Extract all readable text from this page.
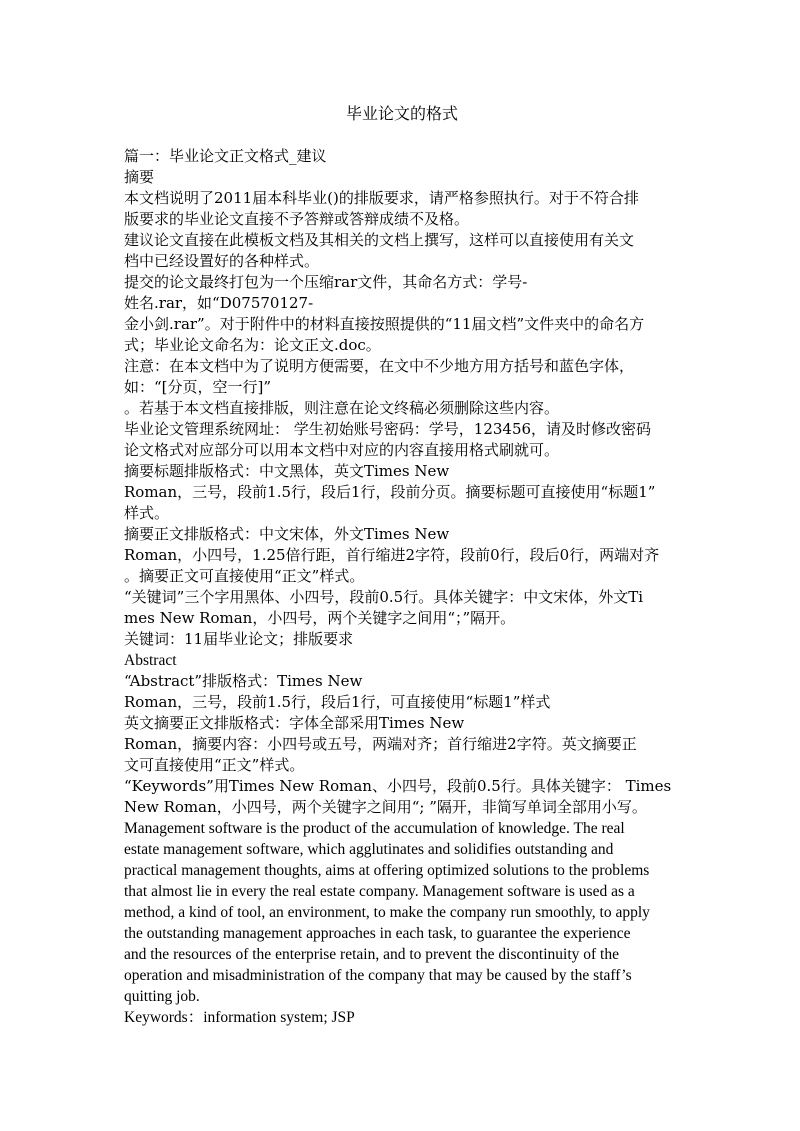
毕业论文的格式
篇一：毕业论文正文格式_建议
摘要
本文档说明了2011届本科毕业()的排版要求，请严格参照执行。对于不符合排
版要求的毕业论文直接不予答辩或答辩成绩不及格。
建议论文直接在此模板文档及其相关的文档上撰写，这样可以直接使用有关文
档中已经设置好的各种样式。
提交的论文最终打包为一个压缩rar文件，其命名方式：学号-
姓名.rar，如“D07570127-
金小剑.rar”。对于附件中的材料直接按照提供的“11届文档”文件夹中的命名方
式；毕业论文命名为：论文正文.doc。
注意：在本文档中为了说明方便需要，在文中不少地方用方括号和蓝色字体，
如：“[分页，空一行]”
。若基于本文档直接排版，则注意在论文终稿必须删除这些内容。
毕业论文管理系统网址： 学生初始账号密码：学号，123456，请及时修改密码
论文格式对应部分可以用本文档中对应的内容直接用格式刷就可。
摘要标题排版格式：中文黑体，英文Times New
Roman，三号，段前1.5行，段后1行，段前分页。摘要标题可直接使用“标题1”
样式。
摘要正文排版格式：中文宋体，外文Times New
Roman，小四号，1.25倍行距，首行缩进2字符，段前0行，段后0行，两端对齐
。摘要正文可直接使用“正文”样式。
“关键词”三个字用黑体、小四号，段前0.5行。具体关键字：中文宋体，外文Ti
mes New Roman，小四号，两个关键字之间用“；”隔开。
关键词：11届毕业论文；排版要求
Abstract
“Abstract”排版格式：Times New
Roman，三号，段前1.5行，段后1行，可直接使用“标题1”样式
英文摘要正文排版格式：字体全部采用Times New
Roman，摘要内容：小四号或五号，两端对齐；首行缩进2字符。英文摘要正
文可直接使用“正文”样式。
“Keywords”用Times New Roman、小四号，段前0.5行。具体关键字： Times
New Roman，小四号，两个关键字之间用“; ”隔开，非简写单词全部用小写。
Management software is the product of the accumulation of knowledge. The real
estate management software, which agglutinates and solidifies outstanding and
practical management thoughts, aims at offering optimized solutions to the problems
that almost lie in every the real estate company. Management software is used as a
method, a kind of tool, an environment, to make the company run smoothly, to apply
the outstanding management approaches in each task, to guarantee the experience
and the resources of the enterprise retain, and to prevent the discontinuity of the
operation and misadministration of the company that may be caused by the staff’s
quitting job.
Keywords：information system; JSP
